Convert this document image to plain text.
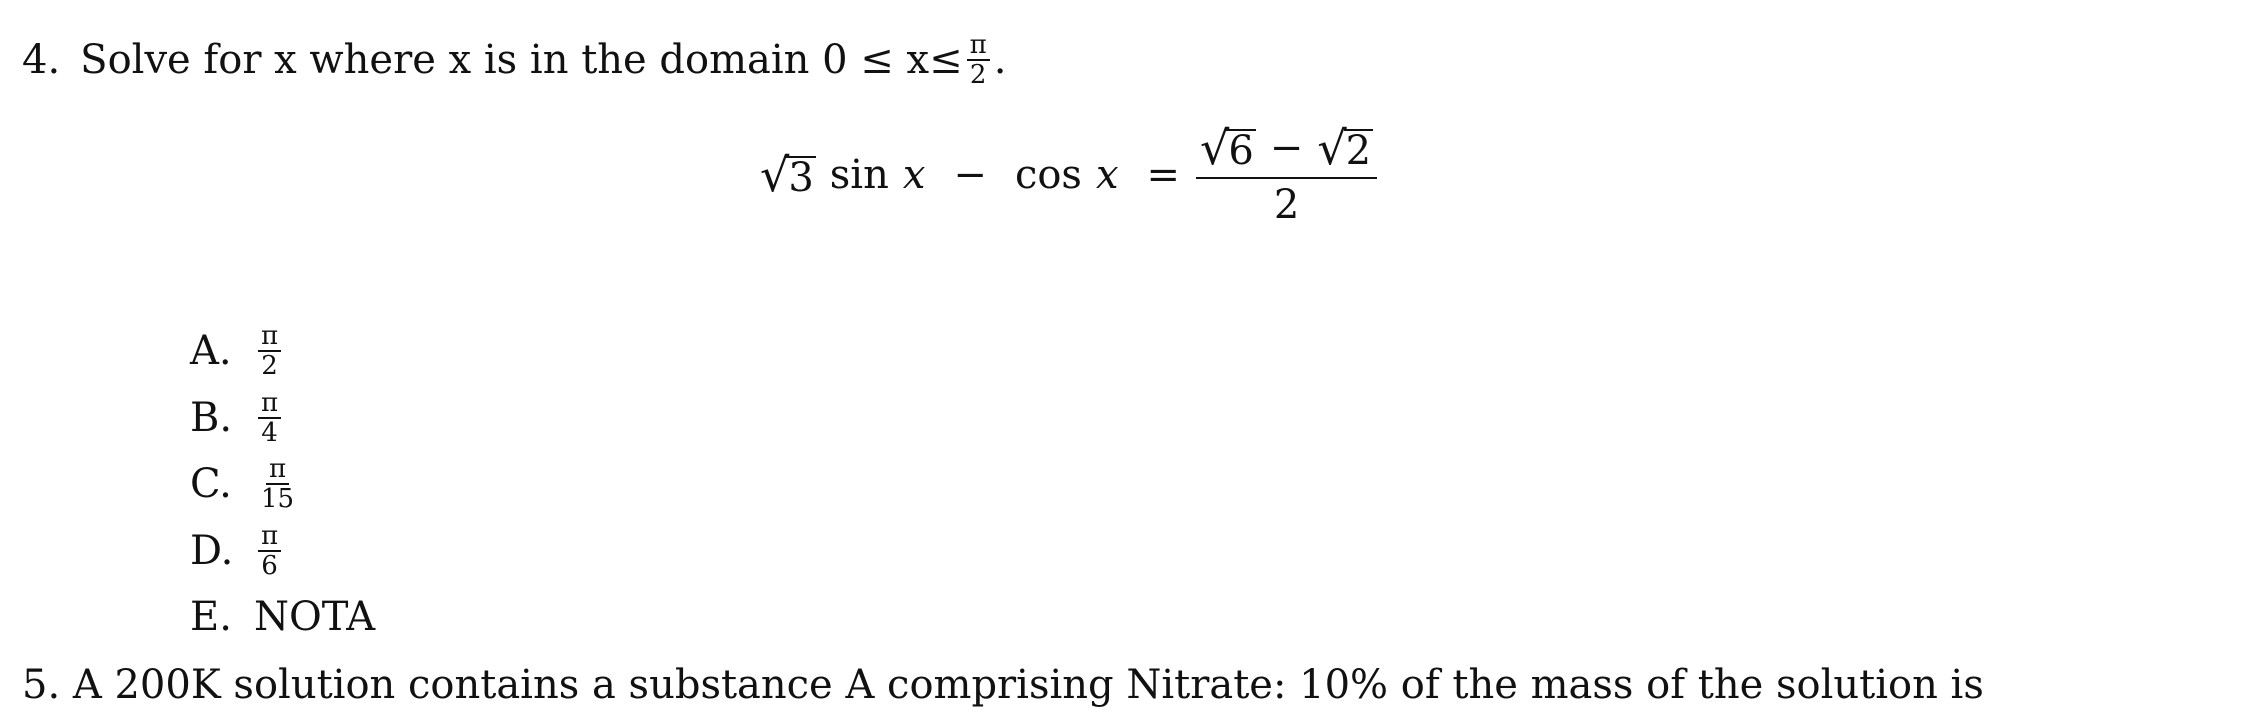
4. Solve for x where x is in the domain $0 \le x\le \frac{\pi}{2}$ .
√ 3 sin x − cos x = √ 6 − √ 2
2
A.	$\frac{\pi}{2}$
B. $\frac{\pi}{4}$
C.	$\frac{\pi}{15}$
D. $\frac{\pi}{6}$
E. NOTA
5. A 200K solution contains a substance A comprising Nitrate: 10% of the mass of the solution is
